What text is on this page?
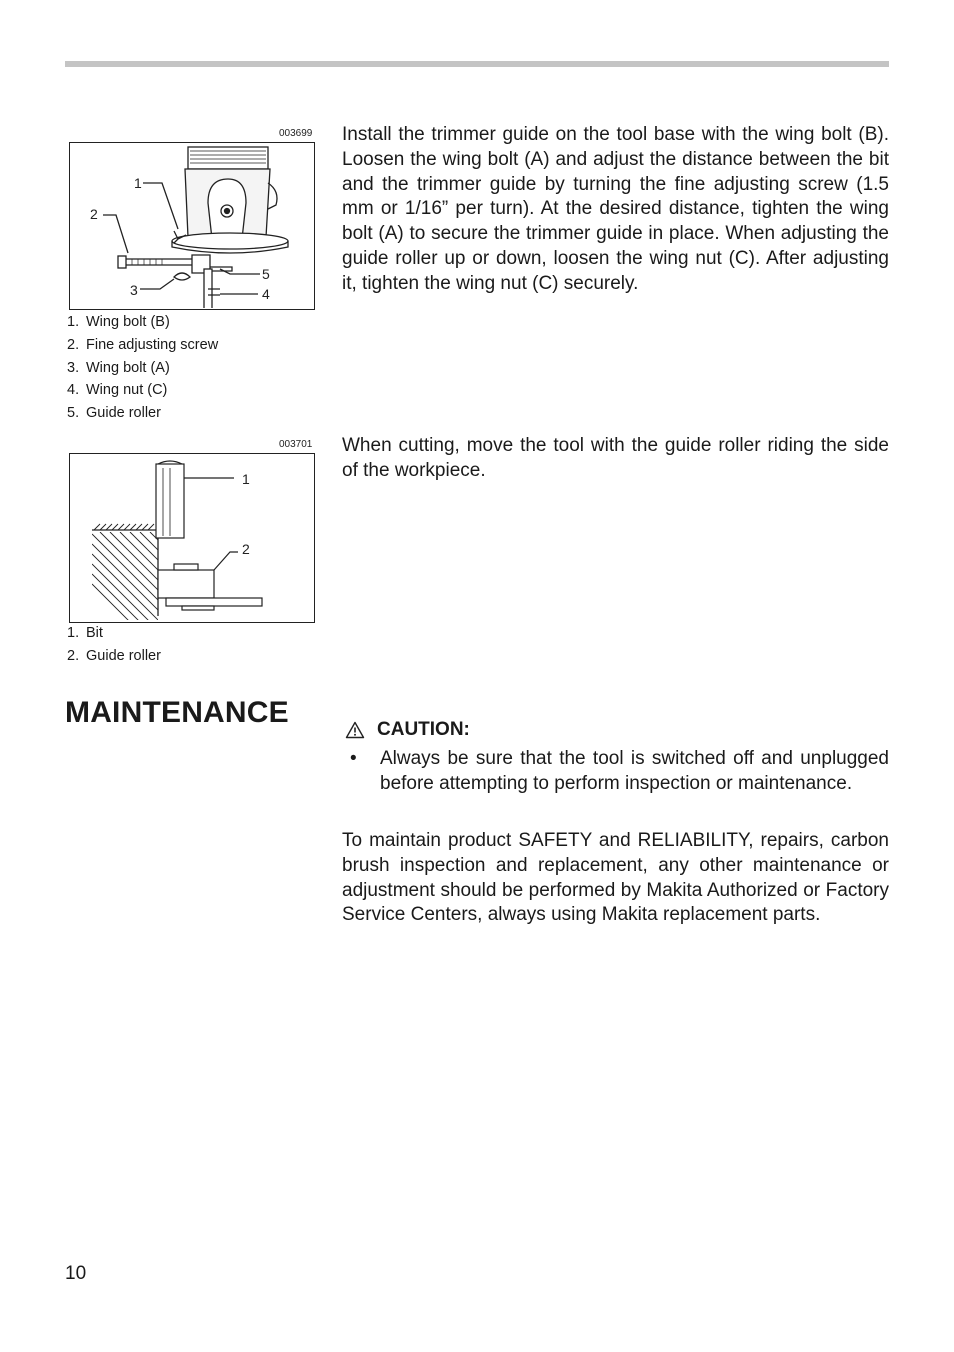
003699
1
2
3	4
5
1. Wing bolt (B)
2. Fine adjusting screw
3. Wing bolt (A)
4. Wing nut (C)
5. Guide roller

Install the trimmer guide on the tool base with the wing bolt (B). Loosen the wing bolt (A) and adjust the distance between the bit and the trimmer guide by turning the fine adjusting screw (1.5 mm or 1/16” per turn). At the desired distance, tighten the wing bolt (A) to secure the trimmer guide in place. When adjusting the guide roller up or down, loosen the wing nut (C). After adjusting it, tighten the wing nut (C) securely.

003701
1
2
1. Bit
2. Guide roller

When cutting, move the tool with the guide roller riding the side of the workpiece.

MAINTENANCE
CAUTION:
•	Always be sure that the tool is switched off and unplugged before attempting to perform inspection or maintenance.

To maintain product SAFETY and RELIABILITY, repairs, carbon brush inspection and replacement, any other maintenance or adjustment should be performed by Makita Authorized or Factory Service Centers, always using Makita replacement parts.

10
